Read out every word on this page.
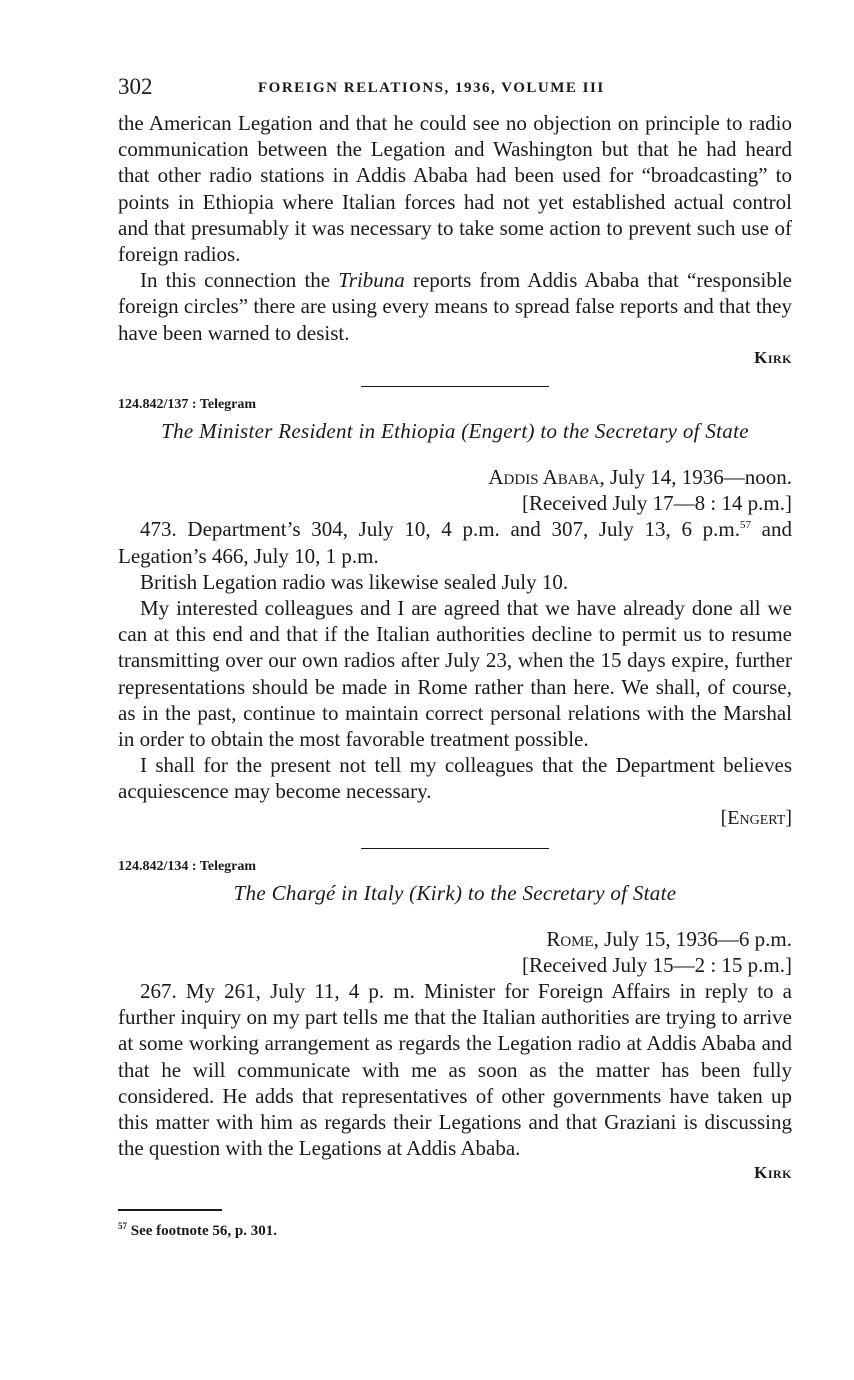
302	FOREIGN RELATIONS, 1936, VOLUME III

the American Legation and that he could see no objection on principle to radio communication between the Legation and Washington but that he had heard that other radio stations in Addis Ababa had been used for “broadcasting” to points in Ethiopia where Italian forces had not yet established actual control and that presumably it was necessary to take some action to prevent such use of foreign radios.

In this connection the Tribuna reports from Addis Ababa that “responsible foreign circles” there are using every means to spread false reports and that they have been warned to desist.

Kirk
124.842/137 : Telegram
The Minister Resident in Ethiopia (Engert) to the Secretary of State
Addis Ababa, July 14, 1936—noon.
[Received July 17—8 : 14 p.m.]

473. Department’s 304, July 10, 4 p.m. and 307, July 13, 6 p.m.$^{57}$ and Legation’s 466, July 10, 1 p.m.

British Legation radio was likewise sealed July 10.

My interested colleagues and I are agreed that we have already done all we can at this end and that if the Italian authorities decline to permit us to resume transmitting over our own radios after July 23, when the 15 days expire, further representations should be made in Rome rather than here. We shall, of course, as in the past, continue to maintain correct personal relations with the Marshal in order to obtain the most favorable treatment possible.

I shall for the present not tell my colleagues that the Department believes acquiescence may become necessary.

[Engert]
124.842/134 : Telegram
The Chargé in Italy (Kirk) to the Secretary of State
Rome, July 15, 1936—6 p.m.
[Received July 15—2 : 15 p.m.]

267. My 261, July 11, 4 p. m. Minister for Foreign Affairs in reply to a further inquiry on my part tells me that the Italian authorities are trying to arrive at some working arrangement as regards the Legation radio at Addis Ababa and that he will communicate with me as soon as the matter has been fully considered. He adds that representatives of other governments have taken up this matter with him as regards their Legations and that Graziani is discussing the question with the Legations at Addis Ababa.

Kirk
$^{57}$ See footnote 56, p. 301.
